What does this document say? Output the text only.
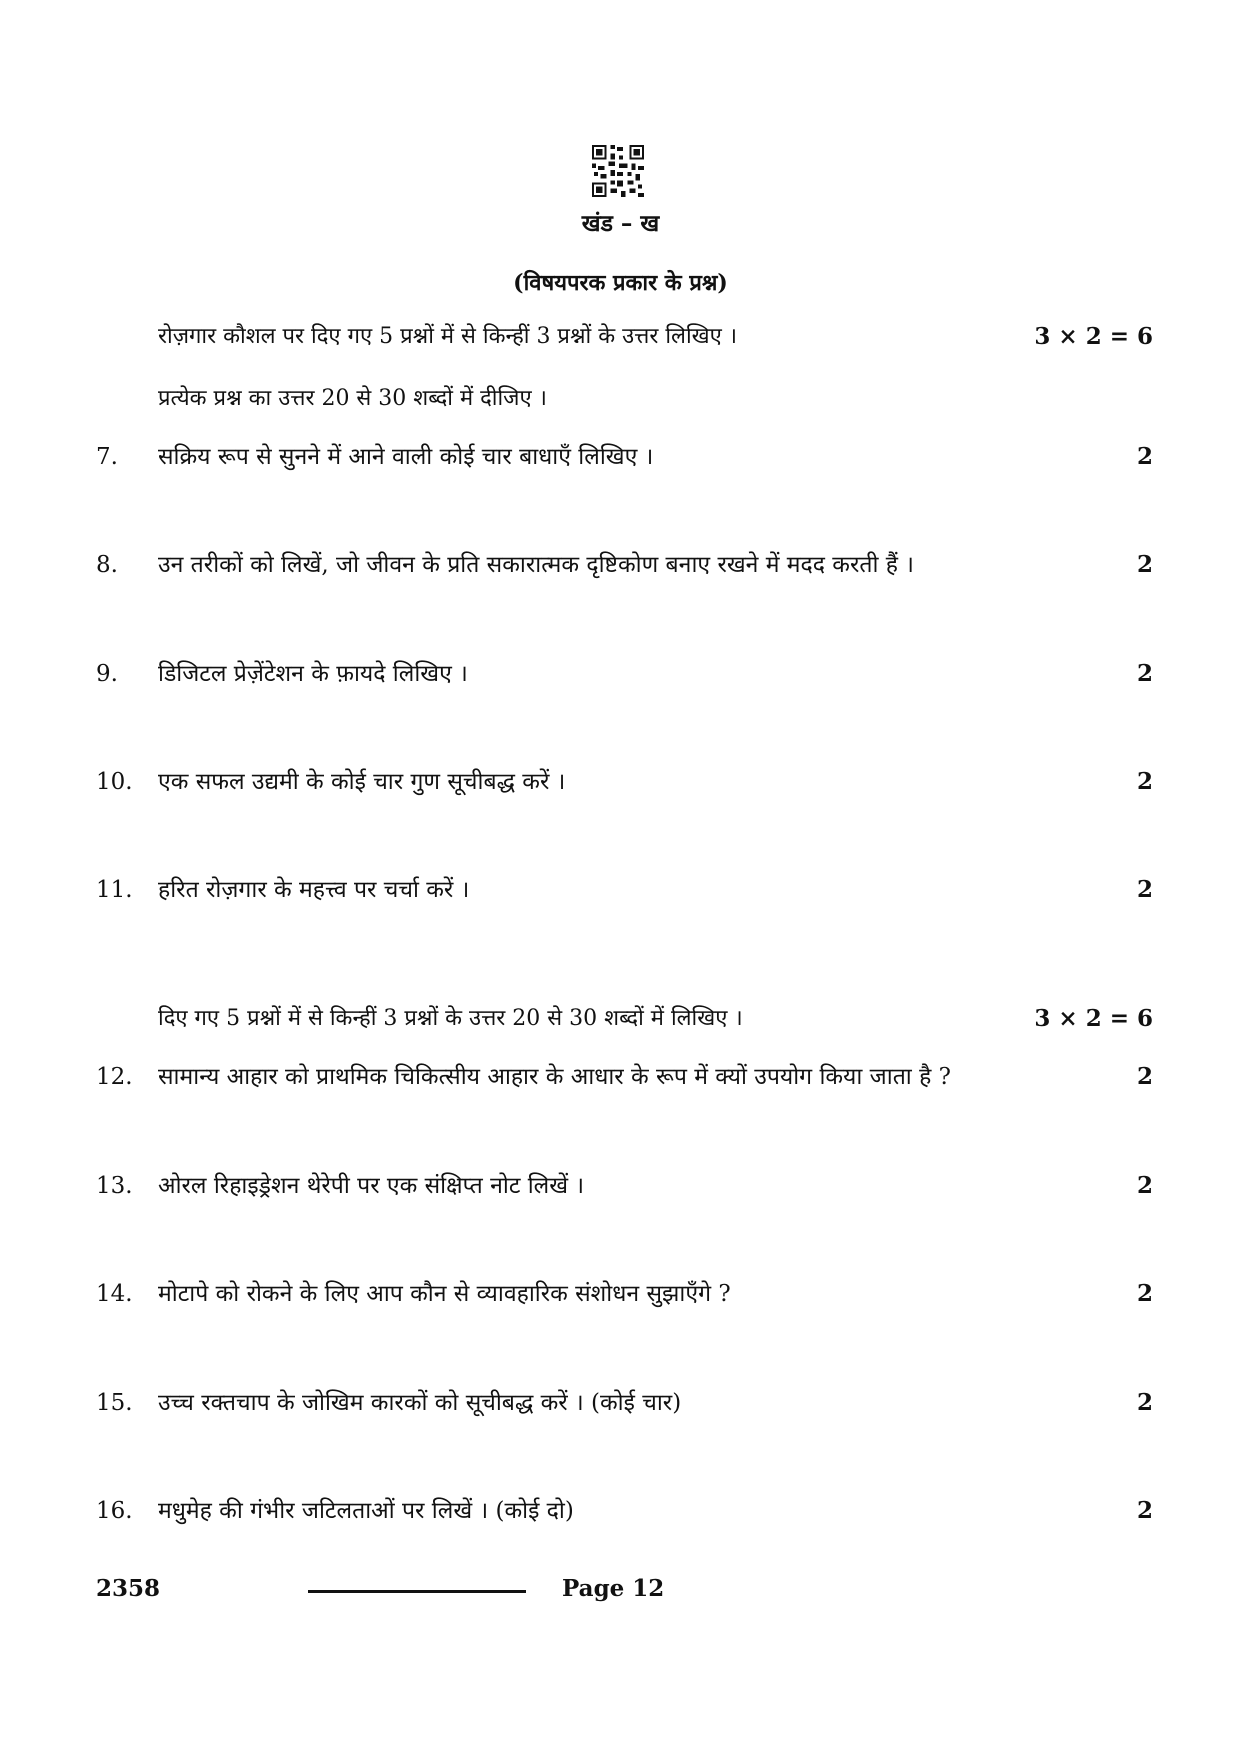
खंड – ख
(विषयपरक प्रकार के प्रश्न)
रोज़गार कौशल पर दिए गए 5 प्रश्नों में से किन्हीं 3 प्रश्नों के उत्तर लिखिए ।	3 × 2 = 6
प्रत्येक प्रश्न का उत्तर 20 से 30 शब्दों में दीजिए ।
7.	सक्रिय रूप से सुनने में आने वाली कोई चार बाधाएँ लिखिए ।	2
8.	उन तरीकों को लिखें, जो जीवन के प्रति सकारात्मक दृष्टिकोण बनाए रखने में मदद करती हैं ।	2
9.	डिजिटल प्रेज़ेंटेशन के फ़ायदे लिखिए ।	2
10.	एक सफल उद्यमी के कोई चार गुण सूचीबद्ध करें ।	2
11.	हरित रोज़गार के महत्त्व पर चर्चा करें ।	2
दिए गए 5 प्रश्नों में से किन्हीं 3 प्रश्नों के उत्तर 20 से 30 शब्दों में लिखिए ।	3 × 2 = 6
12.	सामान्य आहार को प्राथमिक चिकित्सीय आहार के आधार के रूप में क्यों उपयोग किया जाता है ?	2
13.	ओरल रिहाइड्रेशन थेरेपी पर एक संक्षिप्त नोट लिखें ।	2
14.	मोटापे को रोकने के लिए आप कौन से व्यावहारिक संशोधन सुझाएँगे ?	2
15.	उच्च रक्तचाप के जोखिम कारकों को सूचीबद्ध करें । (कोई चार)	2
16.	मधुमेह की गंभीर जटिलताओं पर लिखें । (कोई दो)	2
2358	Page 12
